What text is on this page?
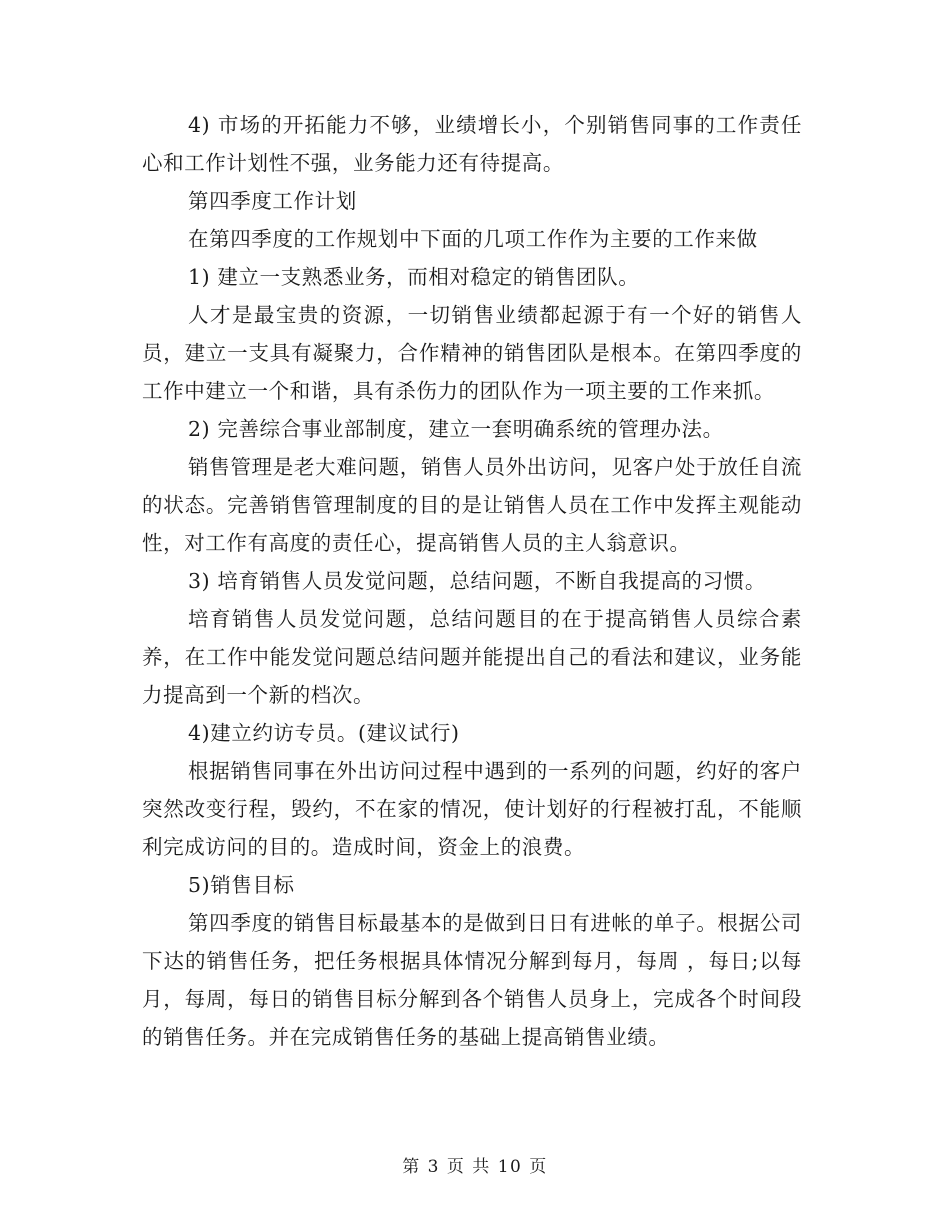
4) 市场的开拓能力不够，业绩增长小，个别销售同事的工作责任心和工作计划性不强，业务能力还有待提高。

第四季度工作计划

在第四季度的工作规划中下面的几项工作作为主要的工作来做

1) 建立一支熟悉业务，而相对稳定的销售团队。

人才是最宝贵的资源，一切销售业绩都起源于有一个好的销售人员，建立一支具有凝聚力，合作精神的销售团队是根本。在第四季度的工作中建立一个和谐，具有杀伤力的团队作为一项主要的工作来抓。

2) 完善综合事业部制度，建立一套明确系统的管理办法。

销售管理是老大难问题，销售人员外出访问，见客户处于放任自流的状态。完善销售管理制度的目的是让销售人员在工作中发挥主观能动性，对工作有高度的责任心，提高销售人员的主人翁意识。

3) 培育销售人员发觉问题，总结问题，不断自我提高的习惯。

培育销售人员发觉问题，总结问题目的在于提高销售人员综合素养，在工作中能发觉问题总结问题并能提出自己的看法和建议，业务能力提高到一个新的档次。

4)建立约访专员。(建议试行)

根据销售同事在外出访问过程中遇到的一系列的问题，约好的客户突然改变行程，毁约，不在家的情况，使计划好的行程被打乱，不能顺利完成访问的目的。造成时间，资金上的浪费。

5)销售目标

第四季度的销售目标最基本的是做到日日有进帐的单子。根据公司下达的销售任务，把任务根据具体情况分解到每月，每周 ，每日;以每月，每周，每日的销售目标分解到各个销售人员身上，完成各个时间段的销售任务。并在完成销售任务的基础上提高销售业绩。

第 3 页 共 10 页
